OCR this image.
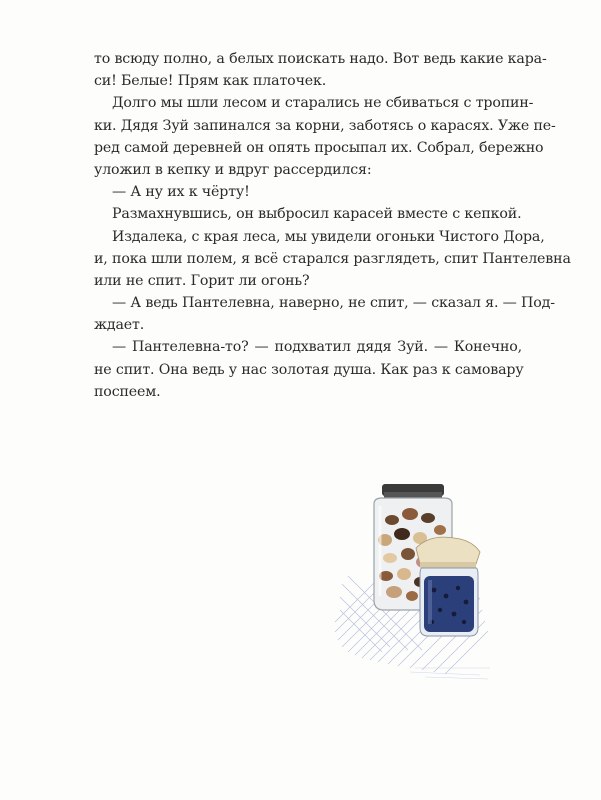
то всюду полно, а белых поискать надо. Вот ведь какие кара-
си! Белые! Прям как платочек.
Долго мы шли лесом и старались не сбиваться с тропин-
ки. Дядя Зуй запинался за корни, заботясь о карасях. Уже пе-
ред самой деревней он опять просыпал их. Собрал, бережно
уложил в кепку и вдруг рассердился:
— А ну их к чёрту!
Размахнувшись, он выбросил карасей вместе с кепкой.
Издалека, с края леса, мы увидели огоньки Чистого Дора,
и, пока шли полем, я всё старался разглядеть, спит Пантелевна
или не спит. Горит ли огонь?
— А ведь Пантелевна, наверно, не спит, — сказал я. — Под-
ждает.
— Пантелевна-то? — подхватил дядя Зуй. — Конечно,
не спит. Она ведь у нас золотая душа. Как раз к самовару
поспеем.
